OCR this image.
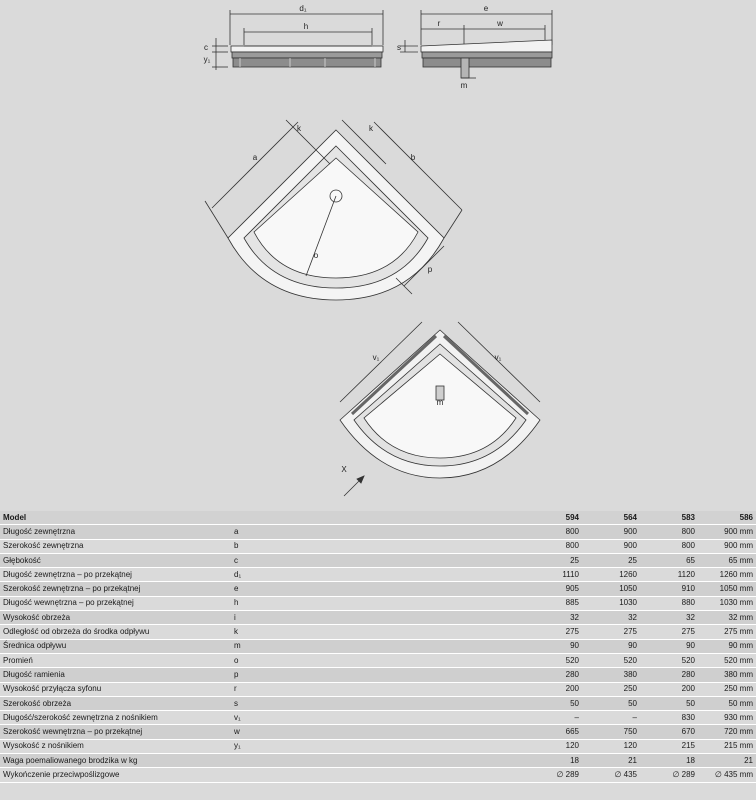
d₁
h
c
y₁
e
r	w
s
m
a	b
k	k
o
p
v₁	v₁
m
X
Model		594	564	583	586
Długość zewnętrzna	a	800	900	800	900 mm
Szerokość zewnętrzna	b	800	900	800	900 mm
Głębokość	c	25	25	65	65 mm
Długość zewnętrzna – po przekątnej	d₁	1110	1260	1120	1260 mm
Szerokość zewnętrzna – po przekątnej	e	905	1050	910	1050 mm
Długość wewnętrzna – po przekątnej	h	885	1030	880	1030 mm
Wysokość obrzeża	i	32	32	32	32 mm
Odległość od obrzeża do środka odpływu	k	275	275	275	275 mm
Średnica odpływu	m	90	90	90	90 mm
Promień	o	520	520	520	520 mm
Długość ramienia	p	280	380	280	380 mm
Wysokość przyłącza syfonu	r	200	250	200	250 mm
Szerokość obrzeża	s	50	50	50	50 mm
Długość/szerokość zewnętrzna z nośnikiem	v₁	–	–	830	930 mm
Szerokość wewnętrzna – po przekątnej	w	665	750	670	720 mm
Wysokość z nośnikiem	y₁	120	120	215	215 mm
Waga poemaliowanego brodzika w kg		18	21	18	21
Wykończenie przeciwpoślizgowe		∅ 289	∅ 435	∅ 289	∅ 435 mm
